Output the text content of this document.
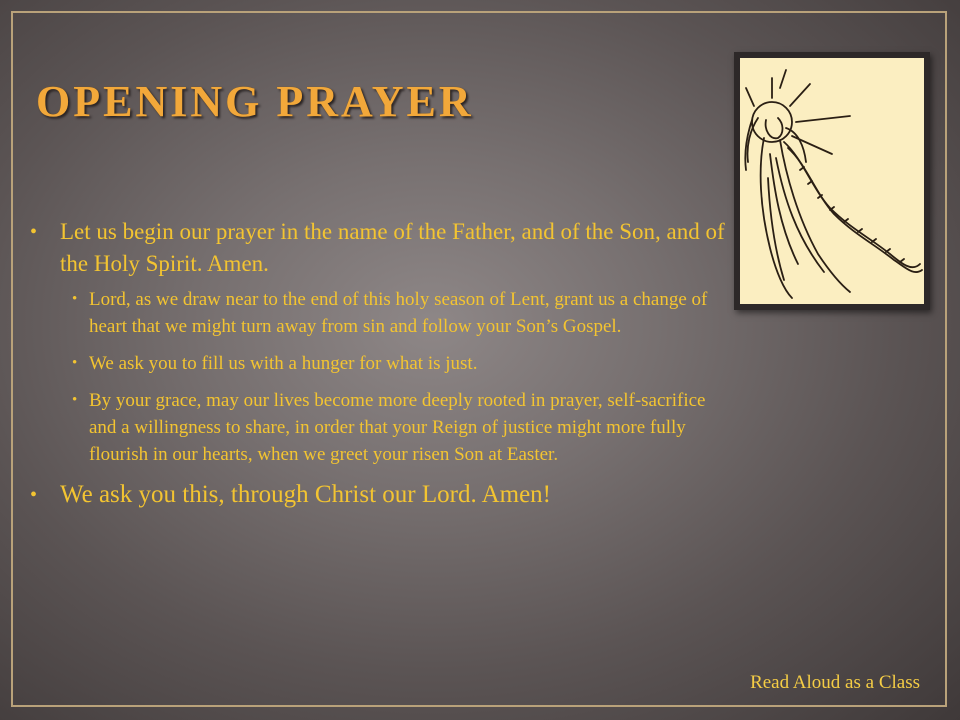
OPENING PRAYER
• Let us begin our prayer in the name of the Father, and of the Son, and of the Holy Spirit. Amen.
• Lord, as we draw near to the end of this holy season of Lent, grant us a change of heart that we might turn away from sin and follow your Son’s Gospel.
• We ask you to fill us with a hunger for what is just.
• By your grace, may our lives become more deeply rooted in prayer, self-sacrifice and a willingness to share, in order that your Reign of justice might more fully flourish in our hearts, when we greet your risen Son at Easter.
• We ask you this, through Christ our Lord. Amen!
Read Aloud as a Class
